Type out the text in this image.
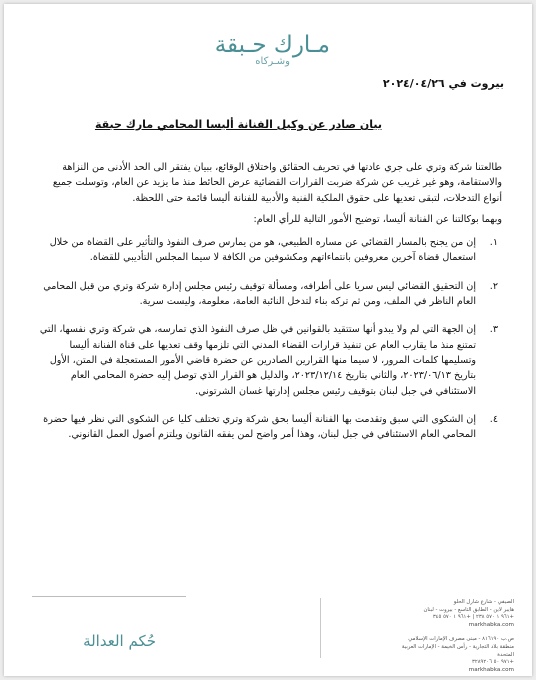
مـارك حـبقة
وشـركاه
بيروت في ٢٠٢٤/٠٤/٢٦
بيان صادر عن وكيل الفنانة أليسا المحامي مارك حبقة

طالعتنا شركة وتري على جري عادتها في تحريف الحقائق واختلاق الوقائع، ببيان يفتقر الى الحد الأدنى من النزاهة والاستقامة، وهو غير غريب عن شركة ضربت القرارات القضائية عرض الحائط منذ ما يزيد عن العام، وتوسلت جميع أنواع التدخلات، لتبقى تعديها على حقوق الملكية الفنية والأدبية للفنانة أليسا قائمة حتى اللحظة.

وبهما بوكالتنا عن الفنانة أليسا، توضيح الأمور التالية للرأي العام:

١.
إن من يجنح بالمسار القضائي عن مساره الطبيعي، هو من يمارس صرف النفوذ والتأثير على القضاة من خلال استعمال قضاة آخرين معروفين بانتماءاتهم ومكشوفين من الكافة لا سيما المجلس التأديبي للقضاة.
٢.
إن التحقيق القضائي ليس سريا على أطرافه، ومسألة توقيف رئيس مجلس إدارة شركة وتري من قبل المحامي العام الناظر في الملف، ومن ثم تركه بناء لتدخل النائبة العامة، معلومة، وليست سرية.
٣.
إن الجهة التي لم ولا يبدو أنها ستتقيد بالقوانين في ظل صرف النفوذ الذي تمارسه، هي شركة وتري نفسها، التي تمتنع منذ ما يقارب العام عن تنفيذ قرارات القضاء المدني التي تلزمها وقف تعديها على قناة الفنانة أليسا وتسليمها كلمات المرور، لا سيما منها القرارين الصادرين عن حضرة قاضي الأمور المستعجلة في المتن، الأول بتاريخ ٢٠٢٣/٠٦/١٣، والثاني بتاريخ ٢٠٢٣/١٢/١٤، والدليل هو القرار الذي توصل إليه حضرة المحامي العام الاستئنافي في جبل لبنان بتوقيف رئيس مجلس إدارتها غسان الشرتوني.
٤.
إن الشكوى التي سبق وتقدمت بها الفنانة أليسا بحق شركة وتري تختلف كليا عن الشكوى التي نظر فيها حضرة المحامي العام الاستئنافي في جبل لبنان، وهذا أمر واضح لمن يفقه القانون ويلتزم أصول العمل القانوني.
الصيفي - شارع شارل الحلو
هايبر لاين - الطابق التاسع - بيروت - لبنان
+٩٦١ ١ ٥٧٠ ٢٣٨ | +٩٦١ ١ ٥٧٠ ٣٤٥
markhabka.com
ص.ب ٨١٦١٩٠ - مبنى مصرف الإمارات الإسلامي
منطقة بلاد التجارية - رأس الخيمة - الإمارات العربية المتحدة
+٩٧١ ٥٠ ٣٢٨٩٢٠٦
markhabka.com
حُكم العدالة
